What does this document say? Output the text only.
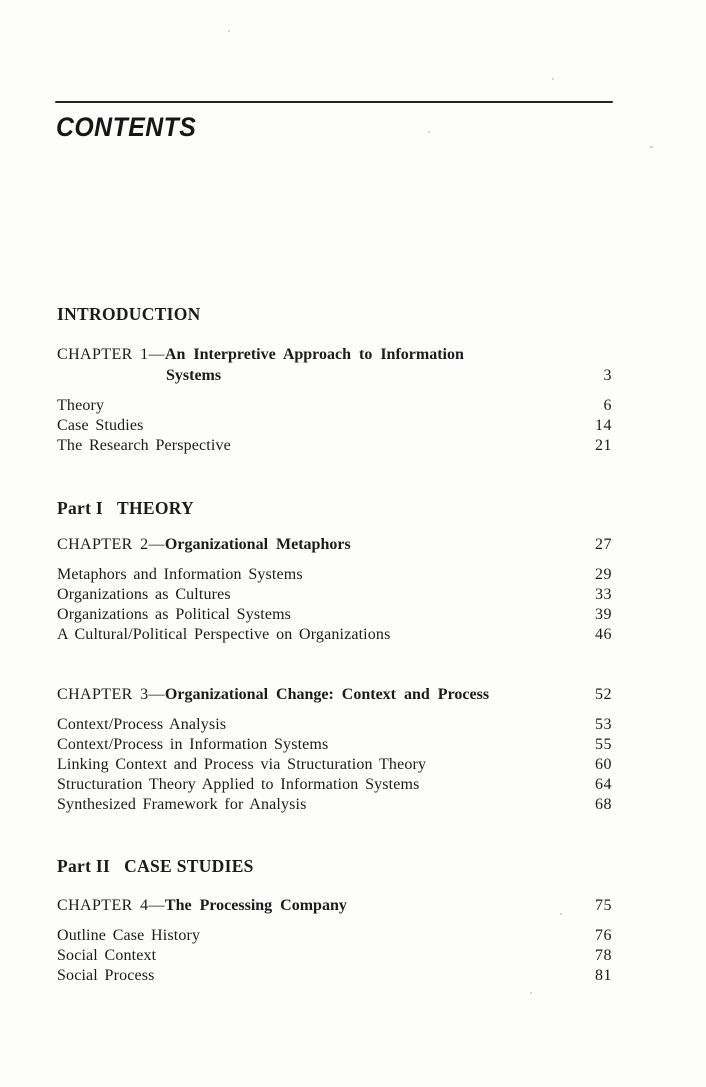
CONTENTS
INTRODUCTION
CHAPTER 1—An Interpretive Approach to Information
Systems	3
Theory	6
Case Studies	14
The Research Perspective	21
Part I THEORY
CHAPTER 2—Organizational Metaphors	27
Metaphors and Information Systems	29
Organizations as Cultures	33
Organizations as Political Systems	39
A Cultural/Political Perspective on Organizations	46
CHAPTER 3—Organizational Change: Context and Process	52
Context/Process Analysis	53
Context/Process in Information Systems	55
Linking Context and Process via Structuration Theory	60
Structuration Theory Applied to Information Systems	64
Synthesized Framework for Analysis	68
Part II CASE STUDIES
CHAPTER 4—The Processing Company	75
Outline Case History	76
Social Context	78
Social Process	81
